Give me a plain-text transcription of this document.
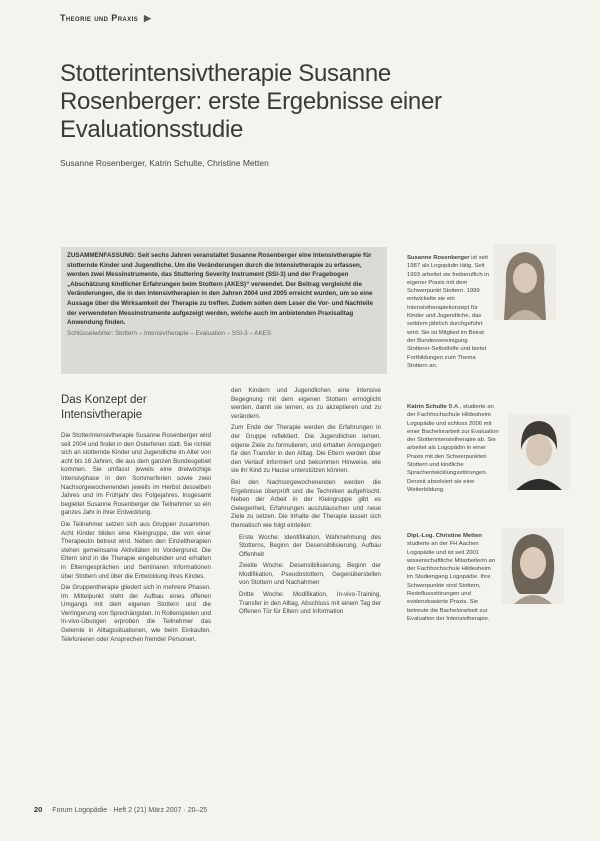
Theorie und Praxis ▶
Stotterintensivtherapie Susanne Rosenberger: erste Ergebnisse einer Evaluationsstudie
Susanne Rosenberger, Katrin Schulte, Christine Metten
ZUSAMMENFASSUNG: Seit sechs Jahren veranstaltet Susanne Rosenberger eine Intensivtherapie für stotternde Kinder und Jugendliche. Um die Veränderungen durch die Intensivtherapie zu erfassen, werden zwei Messinstrumente, das Stuttering Severity Instrument (SSI-3) und der Fragebogen „Abschätzung kindlicher Erfahrungen beim Stottern (AKES)“ verwendet. Der Beitrag vergleicht die Veränderungen, die in den Intensivtherapien in den Jahren 2004 und 2005 erreicht wurden, um so eine Aussage über die Wirksamkeit der Therapie zu treffen. Zudem sollen dem Leser die Vor- und Nachteile der verwendeten Messinstrumente aufgezeigt werden, welche auch im anbietenden Praxisalltag Anwendung finden.
Schlüsselwörter: Stottern – Intensivtherapie – Evaluation – SSI-3 – AKES
Susanne Rosenberger ist seit 1987 als Logopädin tätig. Seit 1993 arbeitet sie freiberuflich in eigener Praxis mit dem Schwerpunkt Stottern. 1999 entwickelte sie ein Intensivtherapiekonzept für Kinder und Jugendliche, das seitdem jährlich durchgeführt wird. Sie ist Mitglied im Beirat der Bundesvereinigung Stotterer-Selbsthilfe und bietet Fortbildungen zum Thema Stottern an.
Katrin Schulte B.A., studierte an der Fachhochschule Hildesheim Logopädie und schloss 2006 mit einer Bachelorarbeit zur Evaluation der Stotterintensivtherapie ab. Sie arbeitet als Logopädin in einer Praxis mit den Schwerpunkten Stottern und kindliche Sprachentwicklungsstörungen. Derzeit absolviert sie eine Weiterbildung.
Dipl.-Log. Christine Metten studierte an der FH Aachen Logopädie und ist seit 2001 wissenschaftliche Mitarbeiterin an der Fachhochschule Hildesheim im Studiengang Logopädie. Ihre Schwerpunkte sind Stottern, Redeflussstörungen und evidenzbasierte Praxis. Sie betreute die Bachelorarbeit zur Evaluation der Intensivtherapie.
Das Konzept der Intensivtherapie

Die Stotterintensivtherapie Susanne Rosenberger wird seit 2004 und findet in den Osterferien statt. Sie richtet sich an stotternde Kinder und Jugendliche im Alter von acht bis 18 Jahren, die aus dem ganzen Bundesgebiet kommen. Sie umfasst jeweils eine dreiwöchige Intensivphase in den Sommerferien sowie zwei Nachsorgewochenenden jeweils im Herbst desselben Jahres und im Frühjahr des Folgejahres. Insgesamt begleitet Susanne Rosenberger die Teilnehmer so ein ganzes Jahr in ihrer Entwicklung.

Die Teilnehmer setzen sich aus Gruppen zusammen. Acht Kinder bilden eine Kleingruppe, die von einer Therapeutin betreut wird. Neben den Einzeltherapien stehen gemeinsame Aktivitäten im Vordergrund. Die Eltern sind in die Therapie eingebunden und erhalten in Elterngesprächen und Seminaren Informationen über Stottern und über die Entwicklung ihres Kindes.

Die Gruppentherapie gliedert sich in mehrere Phasen. Im Mittelpunkt steht der Aufbau eines offenen Umgangs mit dem eigenen Stottern und die Verringerung von Sprechängsten. In Rollenspielen und In-vivo-Übungen erproben die Teilnehmer das Gelernte in Alltagssituationen, wie beim Einkaufen, Telefonieren oder Ansprechen fremder Personen.

den Kindern und Jugendlichen eine intensive Begegnung mit dem eigenen Stottern ermöglicht werden, damit sie lernen, es zu akzeptieren und zu verändern.

Zum Ende der Therapie werden die Erfahrungen in der Gruppe reflektiert. Die Jugendlichen lernen, eigene Ziele zu formulieren, und erhalten Anregungen für den Transfer in den Alltag. Die Eltern werden über den Verlauf informiert und bekommen Hinweise, wie sie ihr Kind zu Hause unterstützen können.

Bei den Nachsorgewochenenden werden die Ergebnisse überprüft und die Techniken aufgefrischt. Neben der Arbeit in der Kleingruppe gibt es Gelegenheit, Erfahrungen auszutauschen und neue Ziele zu setzen. Die Inhalte der Therapie lassen sich thematisch wie folgt einteilen:

• Erste Woche: Identifikation, Wahrnehmung des Stotterns, Beginn der Desensibilisierung, Aufbau Offenheit
• Zweite Woche: Desensibilisierung, Beginn der Modifikation, Pseudostottern, Gegenüberstellen von Stottern und Nachahmen
• Dritte Woche: Modifikation, In-vivo-Training, Transfer in den Alltag, Abschluss mit einem Tag der Offenen Tür für Eltern und Information
20 Forum Logopädie · Heft 2 (21) März 2007 · 20–25
